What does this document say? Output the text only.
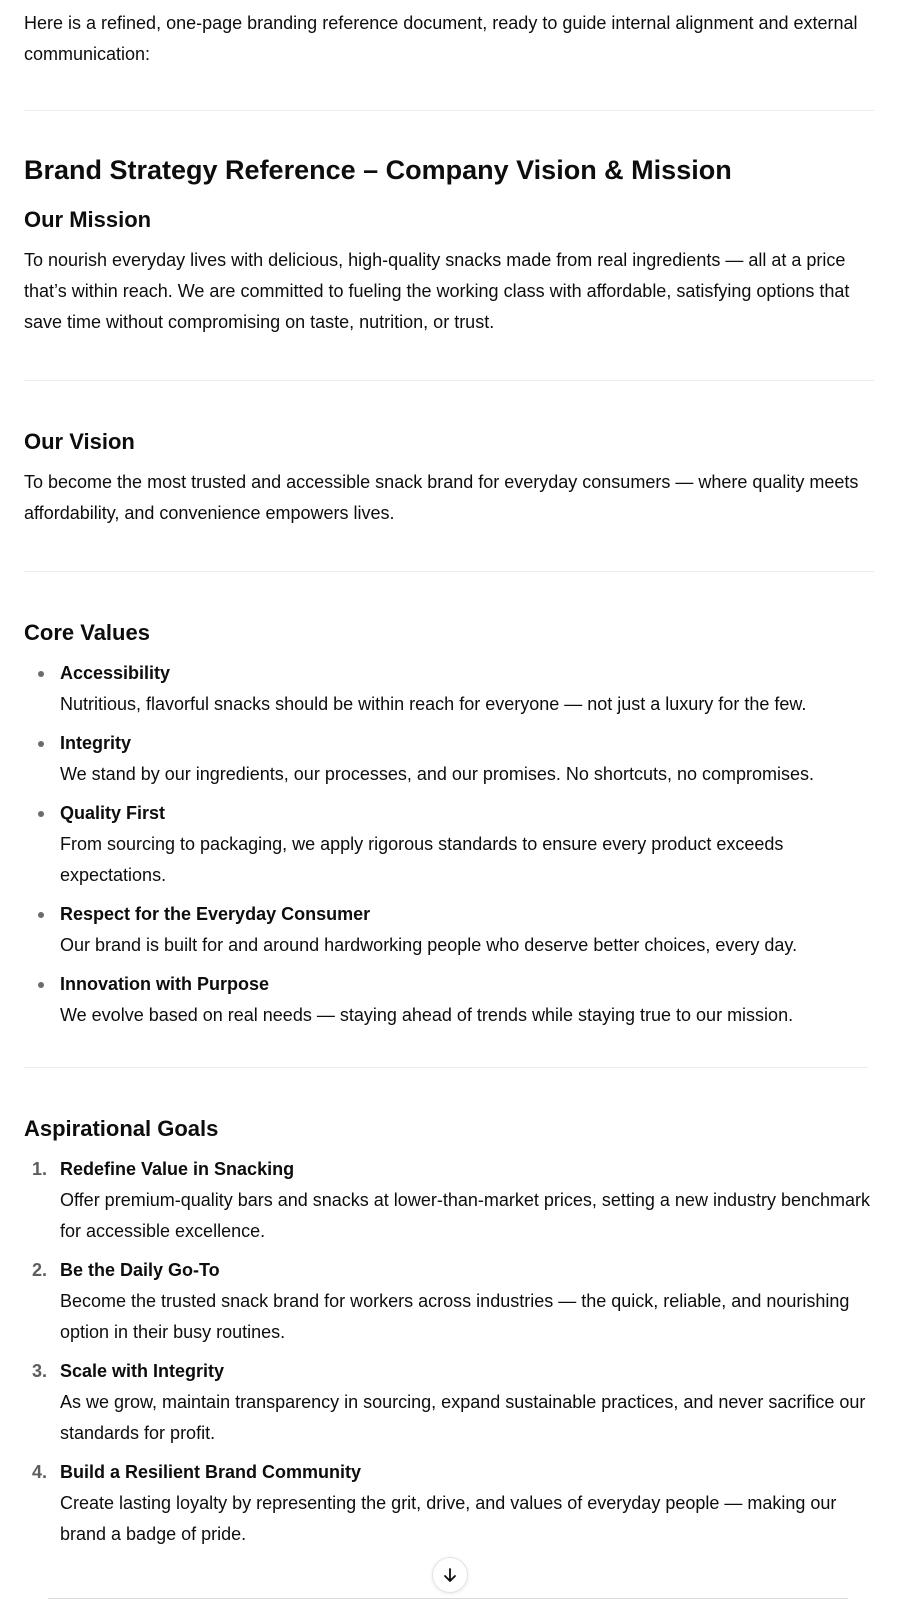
Here is a refined, one-page branding reference document, ready to guide internal alignment and external communication:

Brand Strategy Reference – Company Vision & Mission
Our Mission

To nourish everyday lives with delicious, high-quality snacks made from real ingredients — all at a price that’s within reach. We are committed to fueling the working class with affordable, satisfying options that save time without compromising on taste, nutrition, or trust.

Our Vision

To become the most trusted and accessible snack brand for everyday consumers — where quality meets affordability, and convenience empowers lives.

Core Values
Accessibility
Nutritious, flavorful snacks should be within reach for everyone — not just a luxury for the few.
Integrity
We stand by our ingredients, our processes, and our promises. No shortcuts, no compromises.
Quality First
From sourcing to packaging, we apply rigorous standards to ensure every product exceeds expectations.
Respect for the Everyday Consumer
Our brand is built for and around hardworking people who deserve better choices, every day.
Innovation with Purpose
We evolve based on real needs — staying ahead of trends while staying true to our mission.
Aspirational Goals
1. Redefine Value in Snacking
Offer premium-quality bars and snacks at lower-than-market prices, setting a new industry benchmark for accessible excellence.
2. Be the Daily Go-To
Become the trusted snack brand for workers across industries — the quick, reliable, and nourishing option in their busy routines.
3. Scale with Integrity
As we grow, maintain transparency in sourcing, expand sustainable practices, and never sacrifice our standards for profit.
4. Build a Resilient Brand Community
Create lasting loyalty by representing the grit, drive, and values of everyday people — making our brand a badge of pride.
